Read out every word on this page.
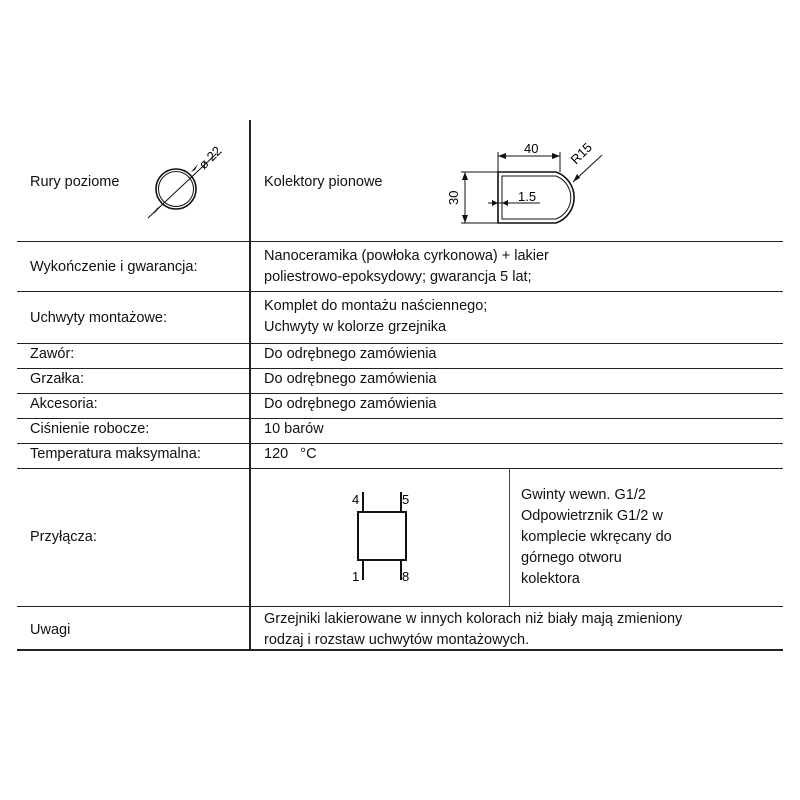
Rury poziome
ø 22
Kolektory pionowe
40
30
R15
1.5
Wykończenie i gwarancja:
Nanoceramika (powłoka cyrkonowa) + lakier
poliestrowo-epoksydowy; gwarancja 5 lat;
Uchwyty montażowe:
Komplet do montażu naściennego;
Uchwyty w kolorze grzejnika
Zawór:	Do odrębnego zamówienia
Grzałka:	Do odrębnego zamówienia
Akcesoria:	Do odrębnego zamówienia
Ciśnienie robocze:	10 barów
Temperatura maksymalna:	120 °C
Przyłącza:
4	5
1	8
Gwinty wewn. G1/2
Odpowietrznik G1/2 w
komplecie wkręcany do
górnego otworu
kolektora
Uwagi
Grzejniki lakierowane w innych kolorach niż biały mają zmieniony
rodzaj i rozstaw uchwytów montażowych.
